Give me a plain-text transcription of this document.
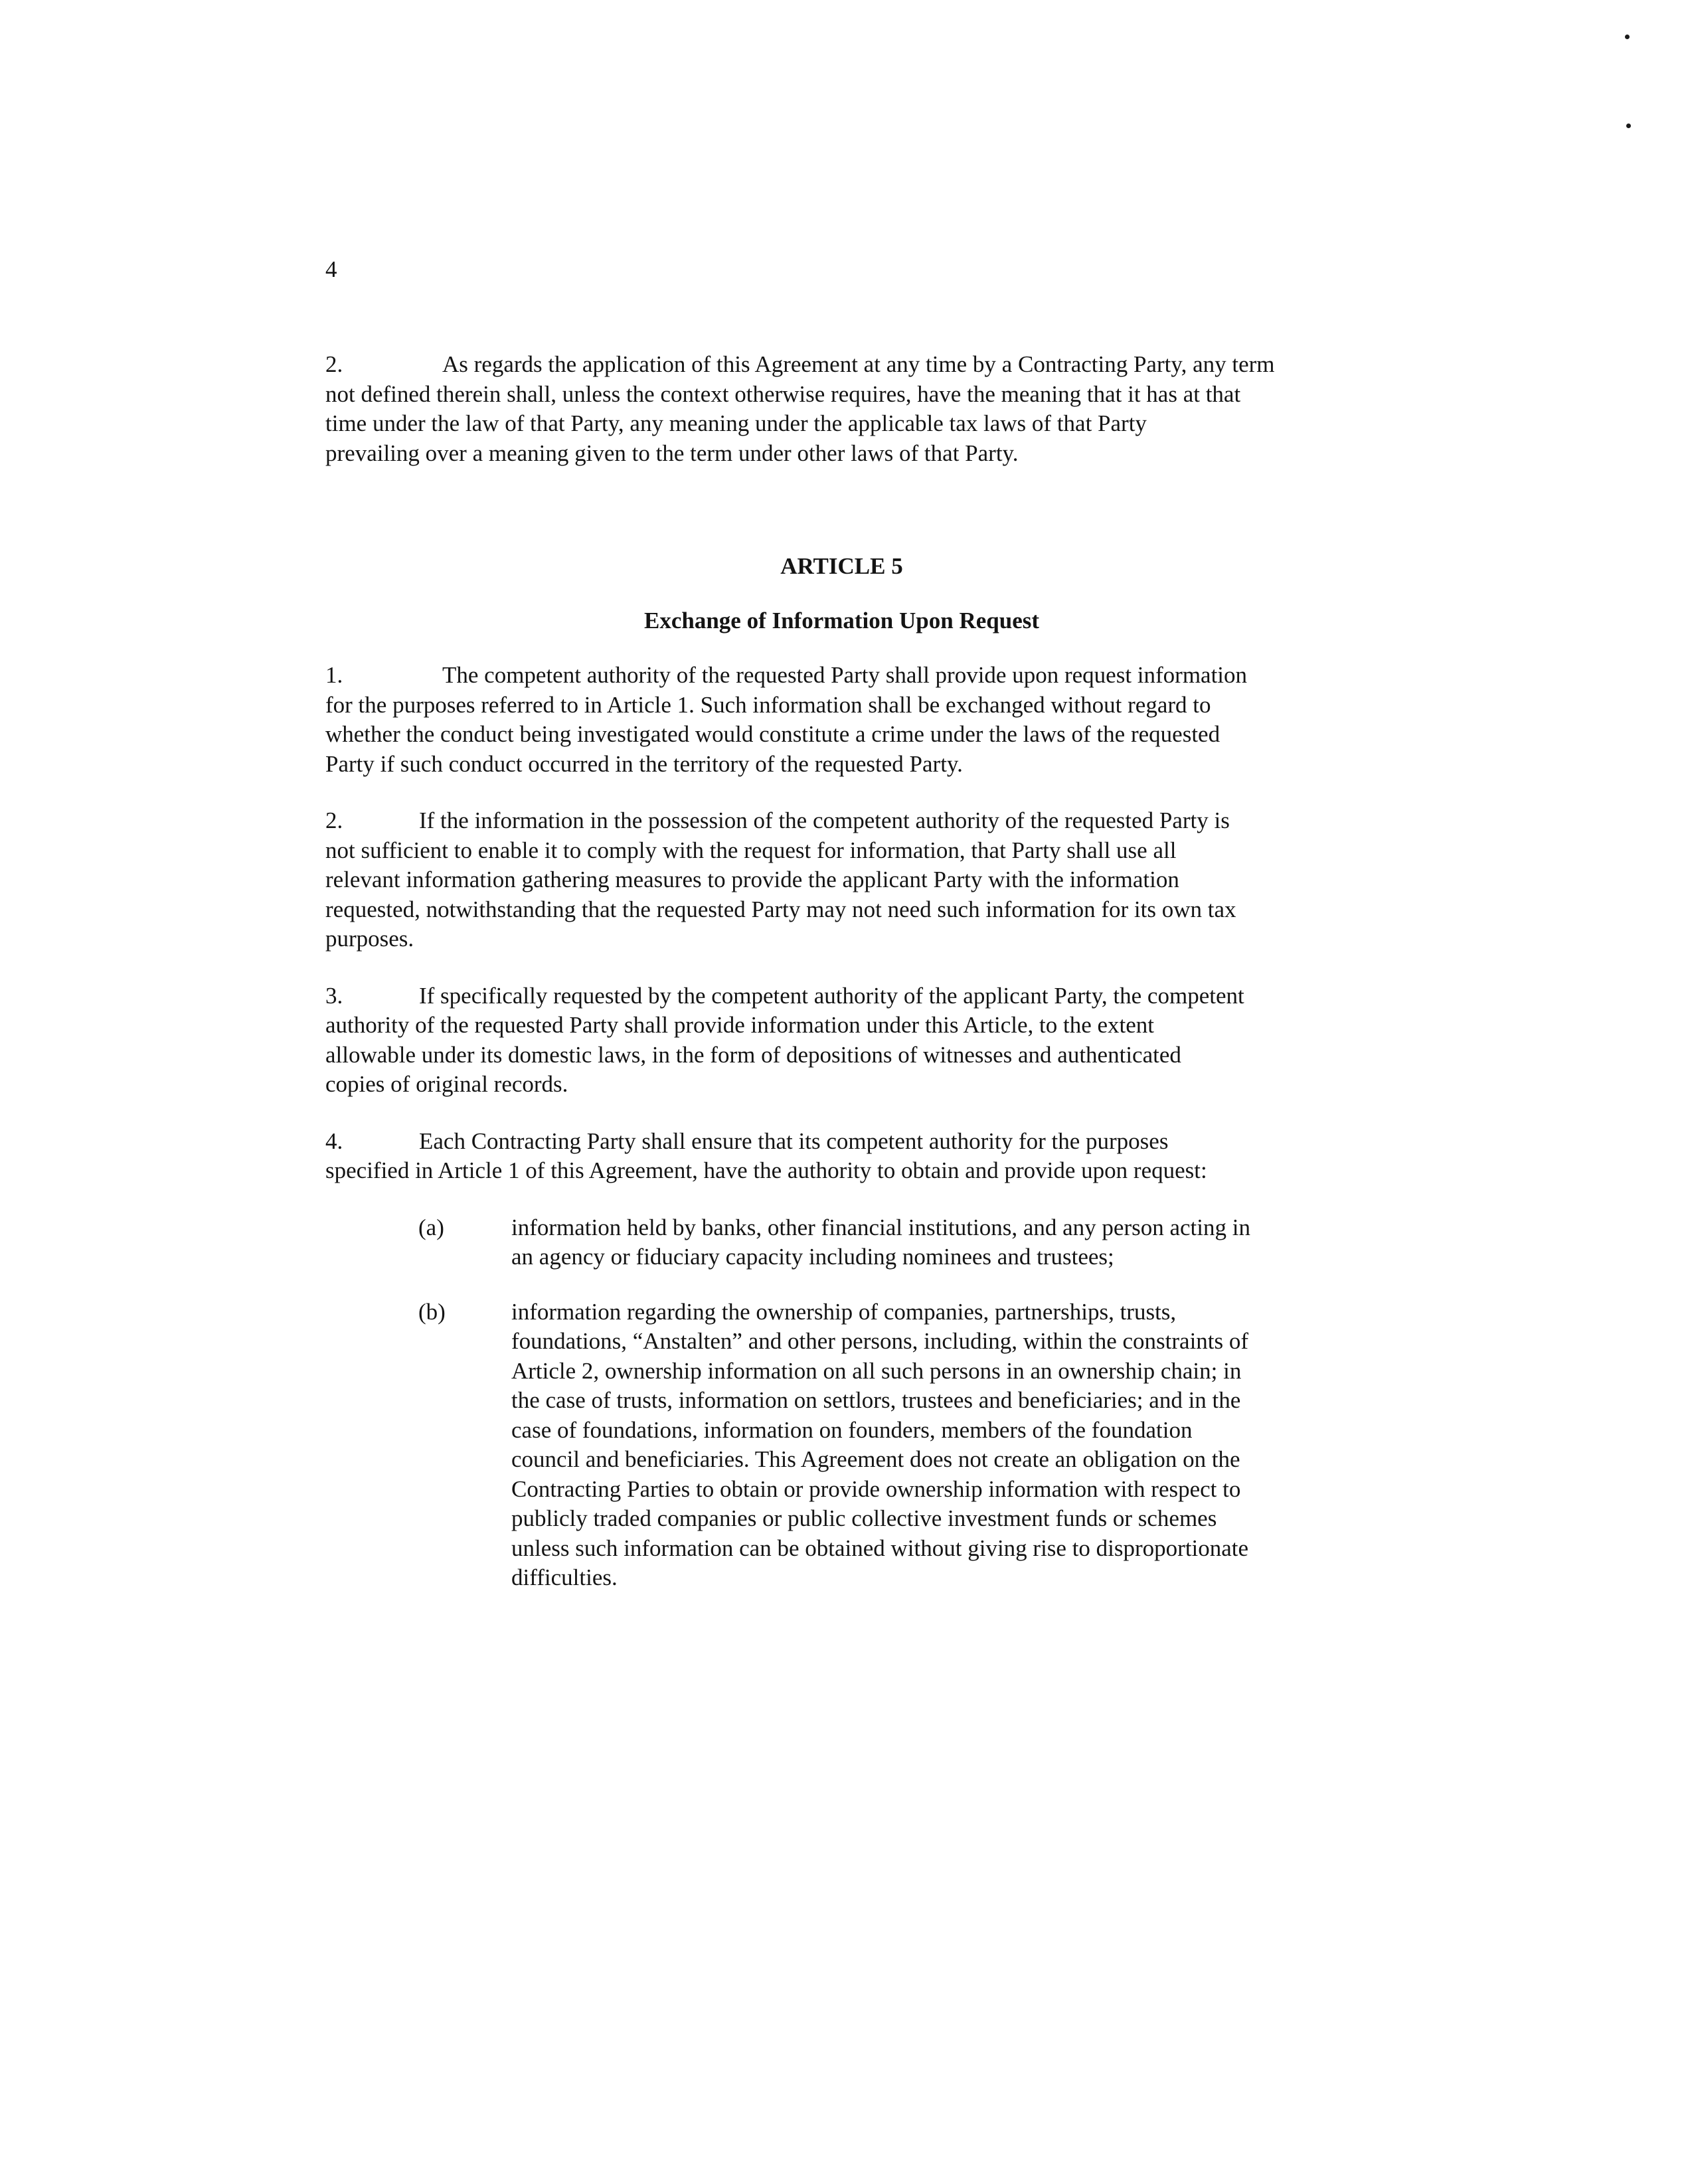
4

2.	As regards the application of this Agreement at any time by a Contracting Party, any term
not defined therein shall, unless the context otherwise requires, have the meaning that it has at that
time under the law of that Party, any meaning under the applicable tax laws of that Party
prevailing over a meaning given to the term under other laws of that Party.

ARTICLE 5
Exchange of Information Upon Request

1.	The competent authority of the requested Party shall provide upon request information
for the purposes referred to in Article 1. Such information shall be exchanged without regard to
whether the conduct being investigated would constitute a crime under the laws of the requested
Party if such conduct occurred in the territory of the requested Party.

2.	If the information in the possession of the competent authority of the requested Party is
not sufficient to enable it to comply with the request for information, that Party shall use all
relevant information gathering measures to provide the applicant Party with the information
requested, notwithstanding that the requested Party may not need such information for its own tax
purposes.

3.	If specifically requested by the competent authority of the applicant Party, the competent
authority of the requested Party shall provide information under this Article, to the extent
allowable under its domestic laws, in the form of depositions of witnesses and authenticated
copies of original records.

4.	Each Contracting Party shall ensure that its competent authority for the purposes
specified in Article 1 of this Agreement, have the authority to obtain and provide upon request:

(a)	information held by banks, other financial institutions, and any person acting in
an agency or fiduciary capacity including nominees and trustees;
(b)	information regarding the ownership of companies, partnerships, trusts,
foundations, “Anstalten” and other persons, including, within the constraints of
Article 2, ownership information on all such persons in an ownership chain; in
the case of trusts, information on settlors, trustees and beneficiaries; and in the
case of foundations, information on founders, members of the foundation
council and beneficiaries. This Agreement does not create an obligation on the
Contracting Parties to obtain or provide ownership information with respect to
publicly traded companies or public collective investment funds or schemes
unless such information can be obtained without giving rise to disproportionate
difficulties.
